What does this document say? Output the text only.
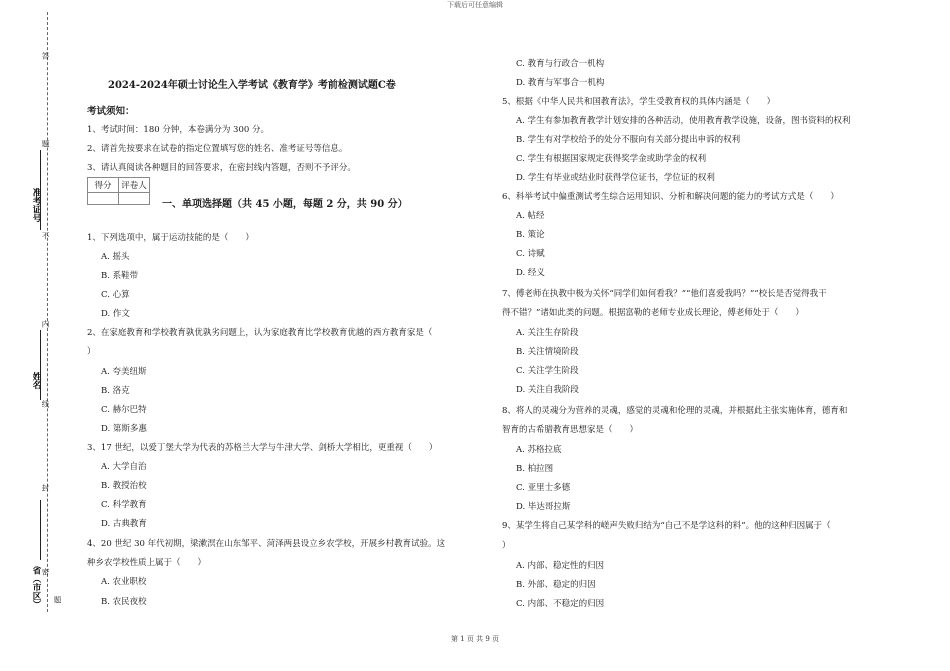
下载后可任意编辑
答
题
不
内
线
封
密
题
准考证号
姓名
省（市区）
2024-2024年硕士讨论生入学考试《教育学》考前检测试题C卷
考试须知：
1、考试时间：180 分钟，本卷满分为 300 分。
2、请首先按要求在试卷的指定位置填写您的姓名、准考证号等信息。
3、请认真阅读各种题目的回答要求，在密封线内答题，否则不予评分。
得分	评卷人

一、单项选择题（共 45 小题，每题 2 分，共 90 分）
1、下列选项中，属于运动技能的是（　　）
A. 摇头
B. 系鞋带
C. 心算
D. 作文
2、在家庭教育和学校教育孰优孰劣问题上，认为家庭教育比学校教育优越的西方教育家是（
）
A. 夸美纽斯
B. 洛克
C. 赫尔巴特
D. 第斯多惠
3、17 世纪，以爱丁堡大学为代表的苏格兰大学与牛津大学、剑桥大学相比，更重视（　　）
A. 大学自治
B. 教授治校
C. 科学教育
D. 古典教育
4、20 世纪 30 年代初期，梁漱溟在山东邹平、菏泽两县设立乡农学校，开展乡村教育试验。这
种乡农学校性质上属于（　　）
A. 农业职校
B. 农民夜校
C. 教育与行政合一机构
D. 教育与军事合一机构
5、根据《中华人民共和国教育法》，学生受教育权的具体内涵是（　　）
A. 学生有参加教育教学计划安排的各种活动，使用教育教学设施，设备，图书资料的权利
B. 学生有对学校给予的处分不服向有关部分提出申诉的权利
C. 学生有根据国家规定获得奖学金或助学金的权利
D. 学生有毕业或结业时获得学位证书，学位证的权利
6、科举考试中偏重测试考生综合运用知识、分析和解决问题的能力的考试方式是（　　）
A. 帖经
B. 策论
C. 诗赋
D. 经义
7、傅老师在执教中极为关怀“同学们如何看我？”“他们喜爱我吗？”“校长是否觉得我干
得不错？”诸如此类的问题。根据富勒的老师专业成长理论，傅老师处于（　　）
A. 关注生存阶段
B. 关注情境阶段
C. 关注学生阶段
D. 关注自我阶段
8、将人的灵魂分为营养的灵魂，感觉的灵魂和伦理的灵魂，并根据此主张实施体育，德育和
智育的古希腊教育思想家是（　　）
A. 苏格拉底
B. 柏拉图
C. 亚里士多德
D. 毕达哥拉斯
9、某学生将自己某学科的嵯声失败归结为“自己不是学这科的料”。他的这种归因属于（
）
A. 内部、稳定性的归因
B. 外部、稳定的归因
C. 内部、不稳定的归因
第 1 页 共 9 页
